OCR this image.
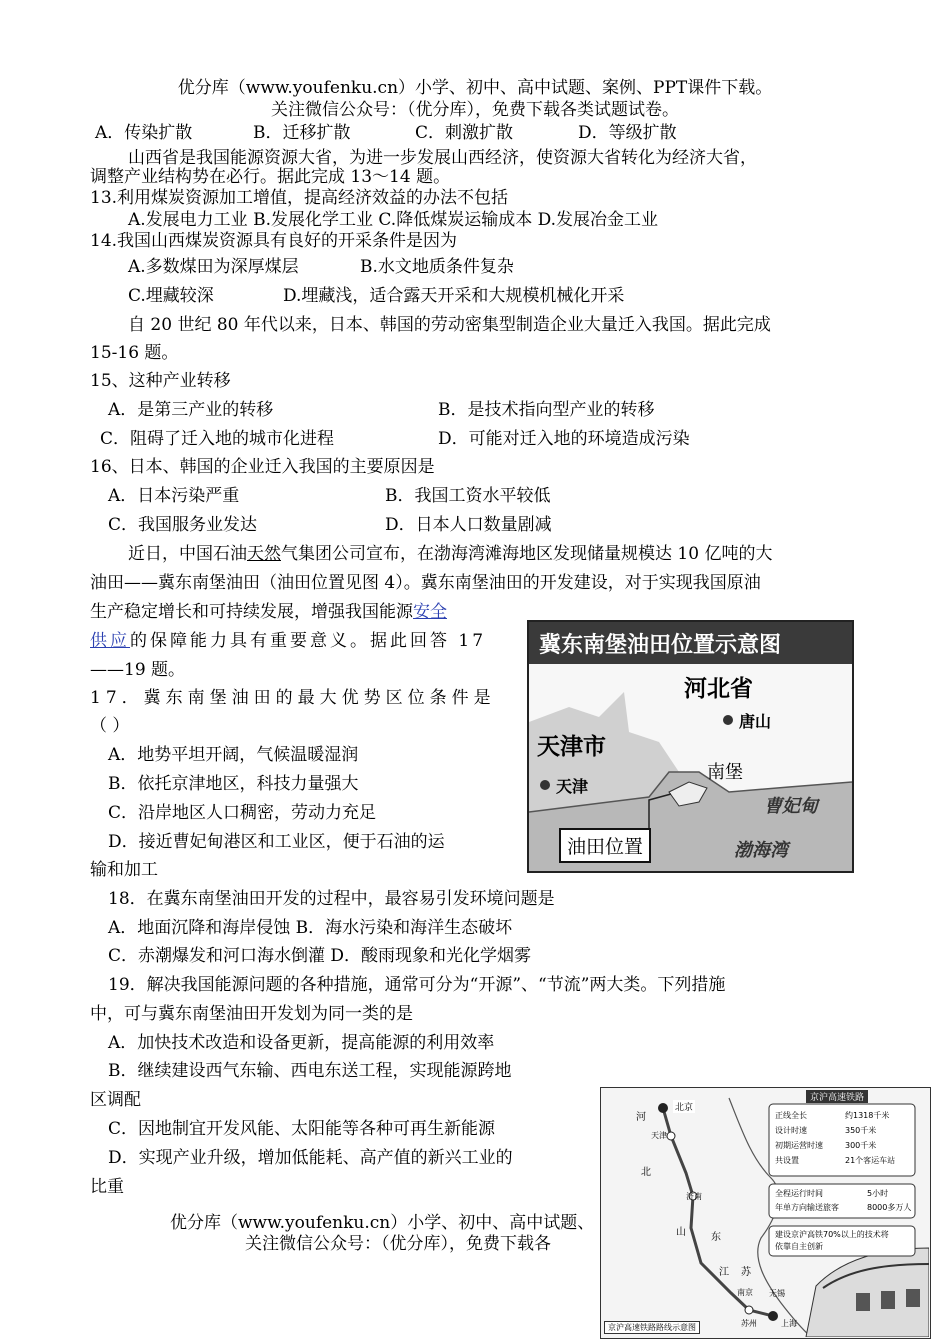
优分库（www.youfenku.cn）小学、初中、高中试题、案例、PPT课件下载。
关注微信公众号：（优分库），免费下载各类试题试卷。
A．传染扩散	B．迁移扩散	C．刺激扩散	D．等级扩散
山西省是我国能源资源大省，为进一步发展山西经济，使资源大省转化为经济大省，
调整产业结构势在必行。据此完成 13～14 题。
13.利用煤炭资源加工增值，提高经济效益的办法不包括
A.发展电力工业 B.发展化学工业 C.降低煤炭运输成本 D.发展冶金工业
14.我国山西煤炭资源具有良好的开采条件是因为
A.多数煤田为深厚煤层	B.水文地质条件复杂
C.埋藏较深	D.埋藏浅，适合露天开采和大规模机械化开采
自 20 世纪 80 年代以来，日本、韩国的劳动密集型制造企业大量迁入我国。据此完成
15-16 题。
15、这种产业转移
A．是第三产业的转移	B．是技术指向型产业的转移
C．阻碍了迁入地的城市化进程	D．可能对迁入地的环境造成污染
16、日本、韩国的企业迁入我国的主要原因是
A．日本污染严重	B．我国工资水平较低
C．我国服务业发达	D．日本人口数量剧减
近日，中国石油天然气集团公司宣布，在渤海湾滩海地区发现储量规模达 10 亿吨的大
油田——冀东南堡油田（油田位置见图 4）。冀东南堡油田的开发建设，对于实现我国原油
生产稳定增长和可持续发展，增强我国能源安全
供应的保障能力具有重要意义。据此回答 17
——19 题。
17．冀东南堡油田的最大优势区位条件是
（ ）
A．地势平坦开阔，气候温暖湿润
B．依托京津地区，科技力量强大
C．沿岸地区人口稠密，劳动力充足
D．接近曹妃甸港区和工业区，便于石油的运
输和加工
冀东南堡油田位置示意图
河北省
唐山
天津市
天津
南堡
曹妃甸
渤海湾
油田位置
18．在冀东南堡油田开发的过程中，最容易引发环境问题是
A．地面沉降和海岸侵蚀 B．海水污染和海洋生态破坏
C．赤潮爆发和河口海水倒灌 D．酸雨现象和光化学烟雾
19．解决我国能源问题的各种措施，通常可分为“开源”、“节流”两大类。下列措施
中，可与冀东南堡油田开发划为同一类的是
A．加快技术改造和设备更新，提高能源的利用效率
B．继续建设西气东输、西电东送工程，实现能源跨地
区调配
C．因地制宜开发风能、太阳能等各种可再生新能源
D．实现产业升级，增加低能耗、高产值的新兴工业的
比重
优分库（www.youfenku.cn）小学、初中、高中试题、
关注微信公众号：（优分库），免费下载各
京沪高速铁路
正线全长	约1318千米
设计时速	350千米
初期运营时速	300千米
共设置	21个客运车站
全程运行时间	5小时
年单方向输送旅客	8000多万人
建设京沪高铁70%以上的技术将
依靠自主创新
北京
天津
济南
南京
苏州	上海
无锡
河
北
山	东
江 苏
京沪高速铁路路线示意图
